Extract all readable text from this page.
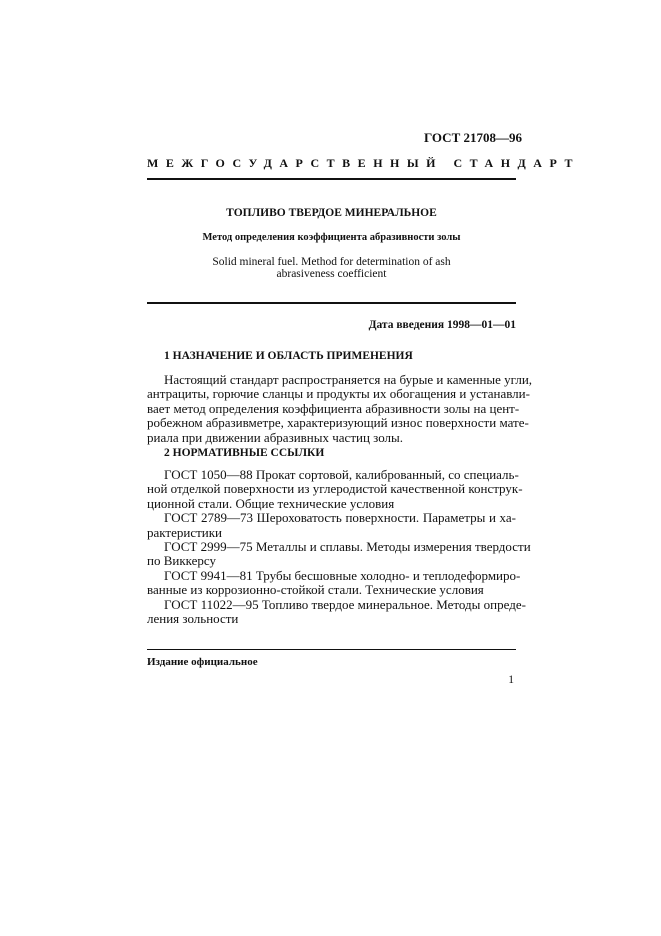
ГОСТ 21708—96
МЕЖГОСУДАРСТВЕННЫЙ СТАНДАРТ
ТОПЛИВО ТВЕРДОЕ МИНЕРАЛЬНОЕ
Метод определения коэффициента абразивности золы
Solid mineral fuel. Method for determination of ash
abrasiveness coefficient
Дата введения 1998—01—01
1 НАЗНАЧЕНИЕ И ОБЛАСТЬ ПРИМЕНЕНИЯ
Настоящий стандарт распространяется на бурые и каменные угли,
антрациты, горючие сланцы и продукты их обогащения и устанавли-
вает метод определения коэффициента абразивности золы на цент-
робежном абразивметре, характеризующий износ поверхности мате-
риала при движении абразивных частиц золы.
2 НОРМАТИВНЫЕ ССЫЛКИ
ГОСТ 1050—88 Прокат сортовой, калиброванный, со специаль-
ной отделкой поверхности из углеродистой качественной конструк-
ционной стали. Общие технические условия
ГОСТ 2789—73 Шероховатость поверхности. Параметры и ха-
рактеристики
ГОСТ 2999—75 Металлы и сплавы. Методы измерения твердости
по Виккерсу
ГОСТ 9941—81 Трубы бесшовные холодно- и теплодеформиро-
ванные из коррозионно-стойкой стали. Технические условия
ГОСТ 11022—95 Топливо твердое минеральное. Методы опреде-
ления зольности
Издание официальное
1
